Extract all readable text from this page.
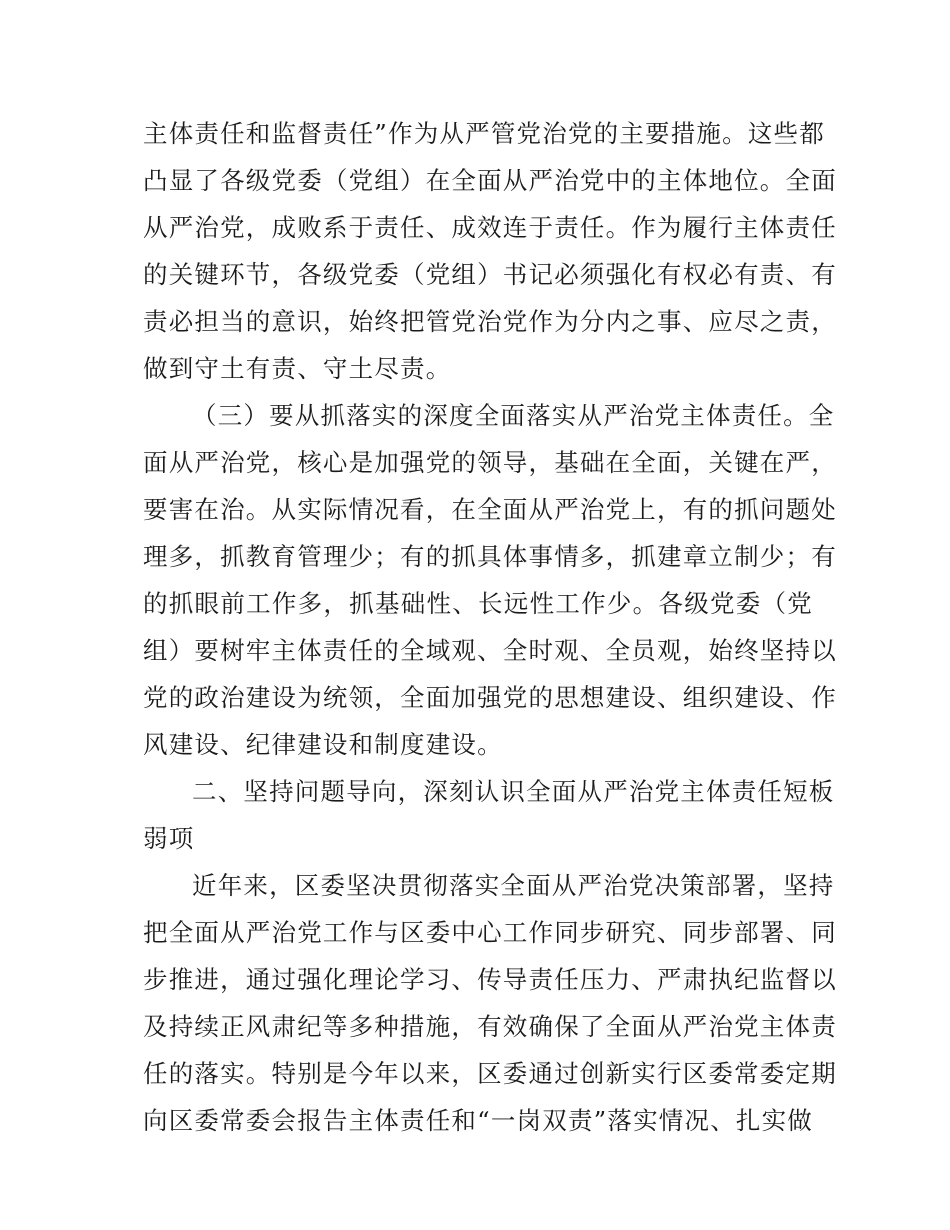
主体责任和监督责任”作为从严管党治党的主要措施。这些都

凸显了各级党委（党组）在全面从严治党中的主体地位。全面

从严治党，成败系于责任、成效连于责任。作为履行主体责任

的关键环节，各级党委（党组）书记必须强化有权必有责、有

责必担当的意识，始终把管党治党作为分内之事、应尽之责，

做到守土有责、守土尽责。

（三）要从抓落实的深度全面落实从严治党主体责任。全

面从严治党，核心是加强党的领导，基础在全面，关键在严，

要害在治。从实际情况看，在全面从严治党上，有的抓问题处

理多，抓教育管理少；有的抓具体事情多，抓建章立制少；有

的抓眼前工作多，抓基础性、长远性工作少。各级党委（党

组）要树牢主体责任的全域观、全时观、全员观，始终坚持以

党的政治建设为统领，全面加强党的思想建设、组织建设、作

风建设、纪律建设和制度建设。

二、坚持问题导向，深刻认识全面从严治党主体责任短板

弱项

近年来，区委坚决贯彻落实全面从严治党决策部署，坚持

把全面从严治党工作与区委中心工作同步研究、同步部署、同

步推进，通过强化理论学习、传导责任压力、严肃执纪监督以

及持续正风肃纪等多种措施，有效确保了全面从严治党主体责

任的落实。特别是今年以来，区委通过创新实行区委常委定期

向区委常委会报告主体责任和“一岗双责”落实情况、扎实做
